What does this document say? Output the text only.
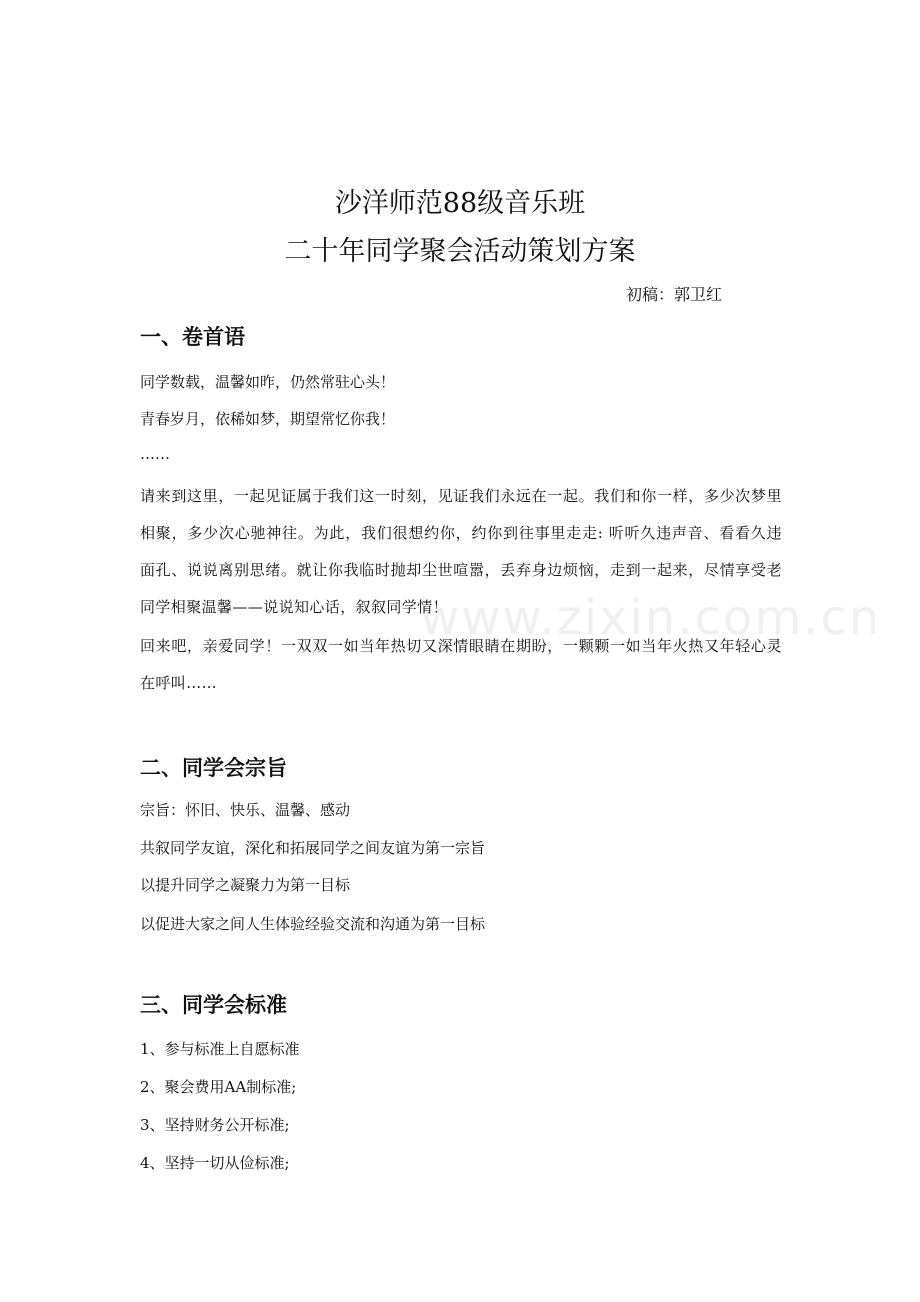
www.zixin.com.cn
沙洋师范88级音乐班
二十年同学聚会活动策划方案
初稿：郭卫红
一、卷首语

同学数载，温馨如昨，仍然常驻心头！

青春岁月，依稀如梦，期望常忆你我！

……

请来到这里，一起见证属于我们这一时刻，见证我们永远在一起。我们和你一样，多少次梦里相聚，多少次心驰神往。为此，我们很想约你，约你到往事里走走: 听听久违声音、看看久违面孔、说说离别思绪。就让你我临时抛却尘世喧嚣，丢弃身边烦恼，走到一起来，尽情享受老同学相聚温馨——说说知心话，叙叙同学情！

回来吧，亲爱同学！一双双一如当年热切又深情眼睛在期盼，一颗颗一如当年火热又年轻心灵在呼叫……

二、同学会宗旨

宗旨：怀旧、快乐、温馨、感动

共叙同学友谊，深化和拓展同学之间友谊为第一宗旨

以提升同学之凝聚力为第一目标

以促进大家之间人生体验经验交流和沟通为第一目标

三、同学会标准

1、参与标准上自愿标准

2、聚会费用AA制标准;

3、坚持财务公开标准;

4、坚持一切从俭标准;
